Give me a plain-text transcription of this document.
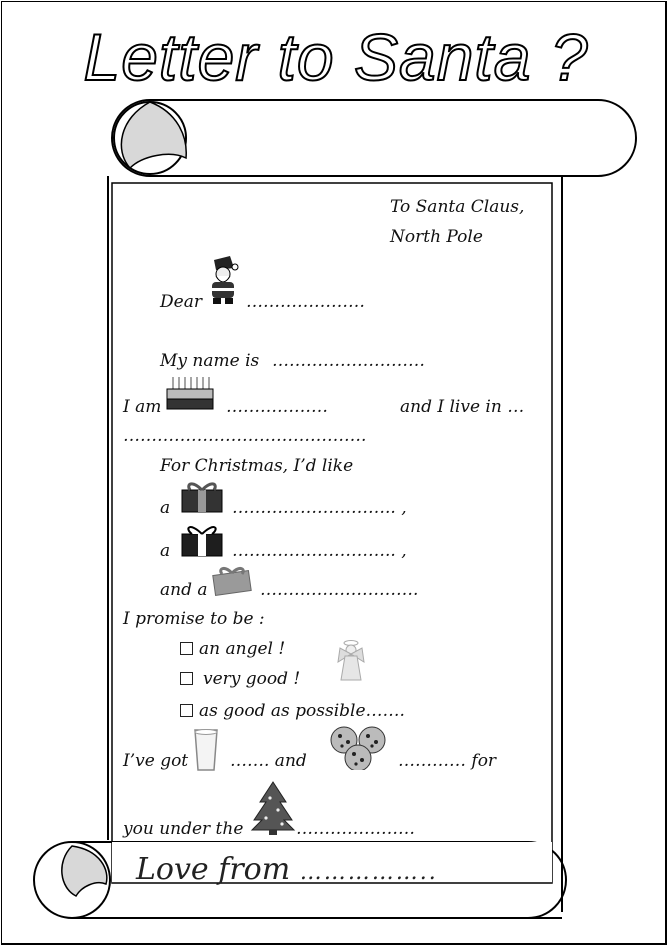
Letter to Santa ?
To Santa Claus,
North Pole
Dear	…………………
My name is ………………………
I am	………………	and I live in …
…………………………………….
For Christmas, I’d like
a	……………………….. ,
a	……………………….. ,
and a	……………………….
I promise to be :
an angel !
very good !
as good as possible…….
I’ve got ……. and	………… for
you under the	…………………
Love from ……………..
